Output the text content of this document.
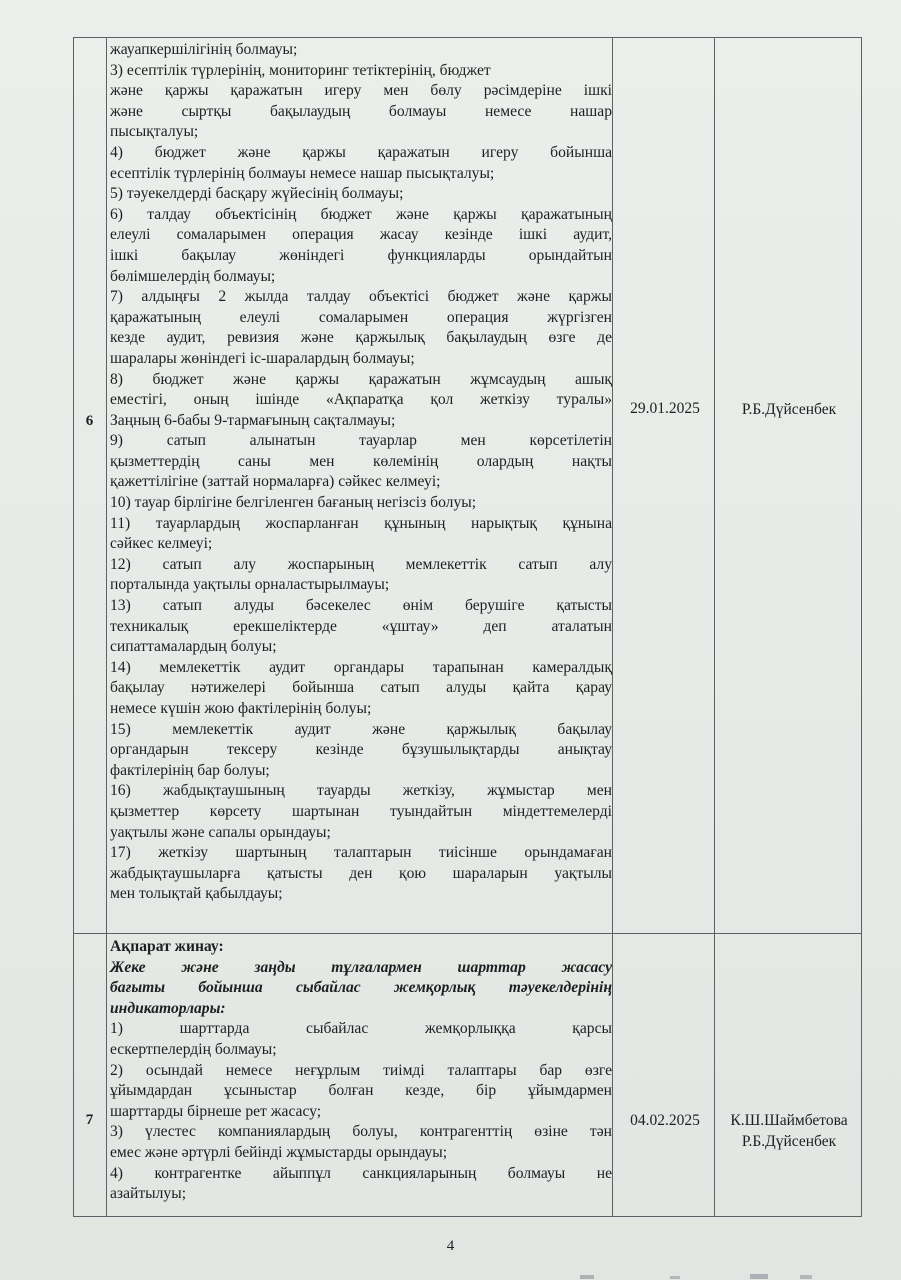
6

жауапкершілігінің болмауы;

3) есептілік түрлерінің, мониторинг тетіктерінің, бюджет

және қаржы қаражатын игеру мен бөлу рәсімдеріне ішкі

және сыртқы бақылаудың болмауы немесе нашар

пысықталуы;

4) бюджет және қаржы қаражатын игеру бойынша

есептілік түрлерінің болмауы немесе нашар пысықталуы;

5) тәуекелдерді басқару жүйесінің болмауы;

6) талдау объектісінің бюджет және қаржы қаражатының

елеулі сомаларымен операция жасау кезінде ішкі аудит,

ішкі бақылау жөніндегі функцияларды орындайтын

бөлімшелердің болмауы;

7) алдыңғы 2 жылда талдау объектісі бюджет және қаржы

қаражатының елеулі сомаларымен операция жүргізген

кезде аудит, ревизия және қаржылық бақылаудың өзге де

шаралары жөніндегі іс-шаралардың болмауы;

8) бюджет және қаржы қаражатын жұмсаудың ашық

еместігі, оның ішінде «Ақпаратқа қол жеткізу туралы»

Заңның 6-бабы 9-тармағының сақталмауы;

9) сатып алынатын тауарлар мен көрсетілетін

қызметтердің саны мен көлемінің олардың нақты

қажеттілігіне (заттай нормаларға) сәйкес келмеуі;

10) тауар бірлігіне белгіленген бағаның негізсіз болуы;

11) тауарлардың жоспарланған құнының нарықтық құнына

сәйкес келмеуі;

12) сатып алу жоспарының мемлекеттік сатып алу

порталында уақтылы орналастырылмауы;

13) сатып алуды бәсекелес өнім берушіге қатысты

техникалық ерекшеліктерде «ұштау» деп аталатын

сипаттамалардың болуы;

14) мемлекеттік аудит органдары тарапынан камералдық

бақылау нәтижелері бойынша сатып алуды қайта қарау

немесе күшін жою фактілерінің болуы;

15) мемлекеттік аудит және қаржылық бақылау

органдарын тексеру кезінде бұзушылықтарды анықтау

фактілерінің бар болуы;

16) жабдықтаушының тауарды жеткізу, жұмыстар мен

қызметтер көрсету шартынан туындайтын міндеттемелерді

уақтылы және сапалы орындауы;

17) жеткізу шартының талаптарын тиісінше орындамаған

жабдықтаушыларға қатысты ден қою шараларын уақтылы

мен толықтай қабылдауы;

29.01.2025	Р.Б.Дүйсенбек

7

Ақпарат жинау:

Жеке және заңды тұлғалармен шарттар жасасу

бағыты бойынша сыбайлас жемқорлық тәуекелдерінің

индикаторлары:

1) шарттарда сыбайлас жемқорлыққа қарсы

ескертпелердің болмауы;

2) осындай немесе неғұрлым тиімді талаптары бар өзге

ұйымдардан ұсыныстар болған кезде, бір ұйымдармен

шарттарды бірнеше рет жасасу;

3) үлестес компаниялардың болуы, контрагенттің өзіне тән

емес және әртүрлі бейінді жұмыстарды орындауы;

4) контрагентке айыппұл санкцияларының болмауы не

азайтылуы;

04.02.2025	К.Ш.Шаймбетова

Р.Б.Дүйсенбек

4
